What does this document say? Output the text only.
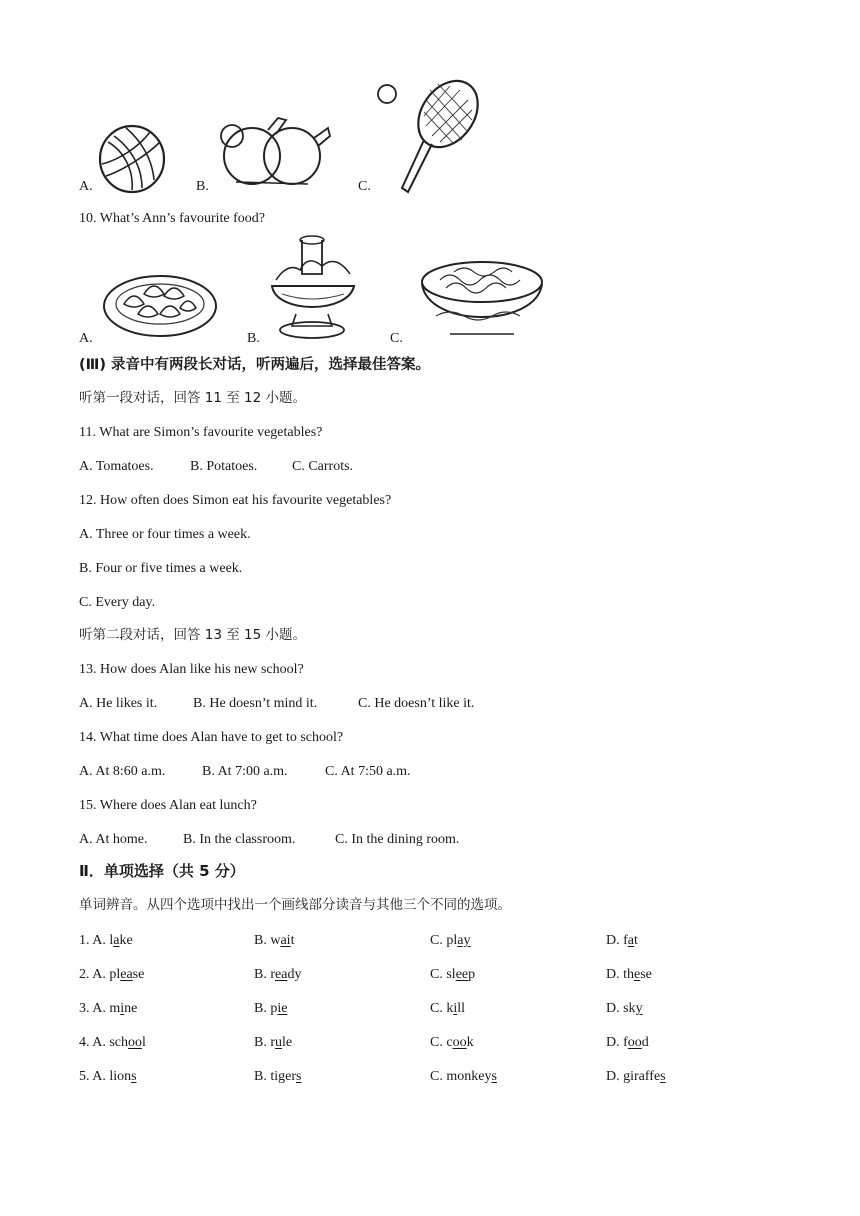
A.	B.	C.
10. What’s Ann’s favourite food?
A.	B.	C.
(Ⅲ) 录音中有两段长对话，听两遍后，选择最佳答案。
听第一段对话，回答 11 至 12 小题。
11. What are Simon’s favourite vegetables?
A. Tomatoes.	B. Potatoes. C. Carrots.
12. How often does Simon eat his favourite vegetables?
A. Three or four times a week.
B. Four or five times a week.
C. Every day.
听第二段对话，回答 13 至 15 小题。
13. How does Alan like his new school?
A. He likes it.	B. He doesn’t mind it.	C. He doesn’t like it.
14. What time does Alan have to get to school?
A. At 8:60 a.m.	B. At 7:00 a.m.	C. At 7:50 a.m.
15. Where does Alan eat lunch?
A. At home.	B. In the classroom.	C. In the dining room.
Ⅱ．单项选择（共 5 分）
单词辨音。从四个选项中找出一个画线部分读音与其他三个不同的选项。
1. A. lake	B. wait	C. play	D. fat
2. A. please	B. ready	C. sleep	D. these
3. A. mine	B. pie	C. kill	D. sky
4. A. school	B. rule	C. cook	D. food
5. A. lions	B. tigers	C. monkeys	D. giraffes
